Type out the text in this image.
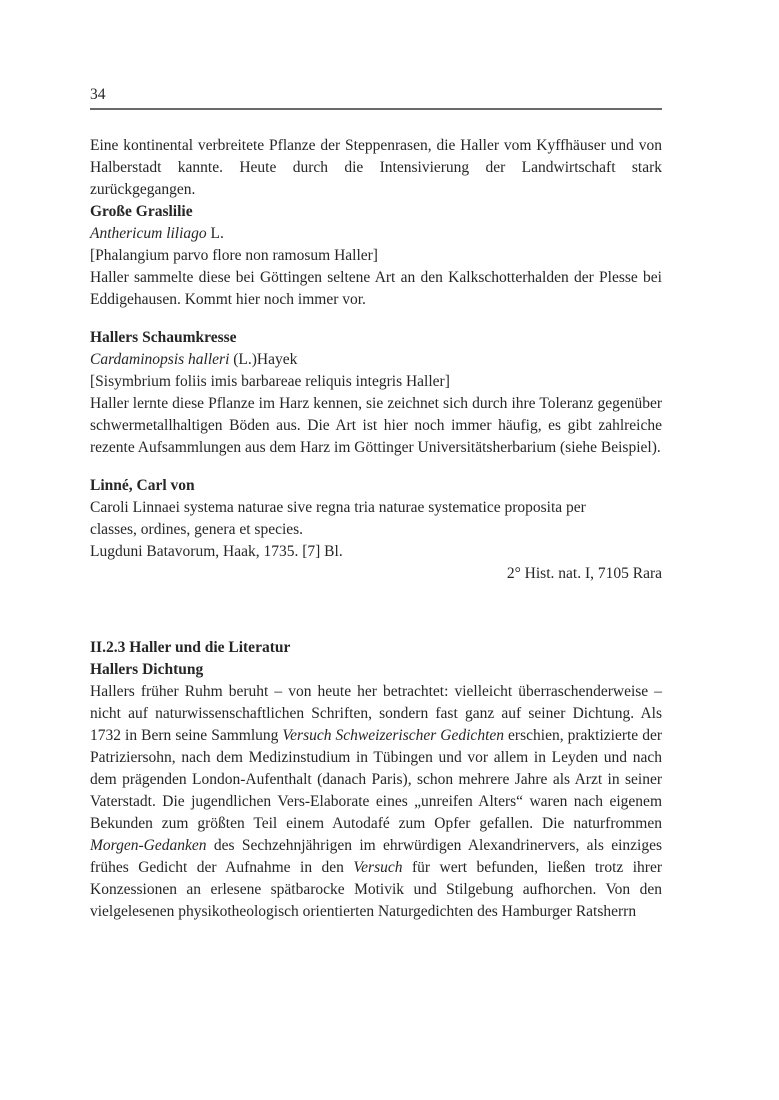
34

Eine kontinental verbreitete Pflanze der Steppenrasen, die Haller vom Kyffhäuser und von Halberstadt kannte. Heute durch die Intensivierung der Landwirtschaft stark zurückgegangen.

Große Graslilie
Anthericum liliago L.
[Phalangium parvo flore non ramosum Haller]

Haller sammelte diese bei Göttingen seltene Art an den Kalkschotterhalden der Plesse bei Eddigehausen. Kommt hier noch immer vor.

Hallers Schaumkresse
Cardaminopsis halleri (L.)Hayek
[Sisymbrium foliis imis barbareae reliquis integris Haller]

Haller lernte diese Pflanze im Harz kennen, sie zeichnet sich durch ihre Toleranz gegenüber schwermetallhaltigen Böden aus. Die Art ist hier noch immer häufig, es gibt zahlreiche rezente Aufsammlungen aus dem Harz im Göttinger Universitätsherbarium (siehe Beispiel).

Linné, Carl von
Caroli Linnaei systema naturae sive regna tria naturae systematice proposita per
classes, ordines, genera et species.
Lugduni Batavorum, Haak, 1735. [7] Bl.
2° Hist. nat. I, 7105 Rara
II.2.3 Haller und die Literatur
Hallers Dichtung

Hallers früher Ruhm beruht – von heute her betrachtet: vielleicht überraschenderweise – nicht auf naturwissenschaftlichen Schriften, sondern fast ganz auf seiner Dichtung. Als 1732 in Bern seine Sammlung Versuch Schweizerischer Gedichten erschien, praktizierte der Patriziersohn, nach dem Medizinstudium in Tübingen und vor allem in Leyden und nach dem prägenden London-Aufenthalt (danach Paris), schon mehrere Jahre als Arzt in seiner Vaterstadt. Die jugendlichen Vers-Elaborate eines „unreifen Alters“ waren nach eigenem Bekunden zum größten Teil einem Autodafé zum Opfer gefallen. Die naturfrommen Morgen-Gedanken des Sechzehnjährigen im ehrwürdigen Alexandrinervers, als einziges frühes Gedicht der Aufnahme in den Versuch für wert befunden, ließen trotz ihrer Konzessionen an erlesene spätbarocke Motivik und Stilgebung aufhorchen. Von den vielgelesenen physikotheologisch orientierten Naturgedichten des Hamburger Ratsherrn
